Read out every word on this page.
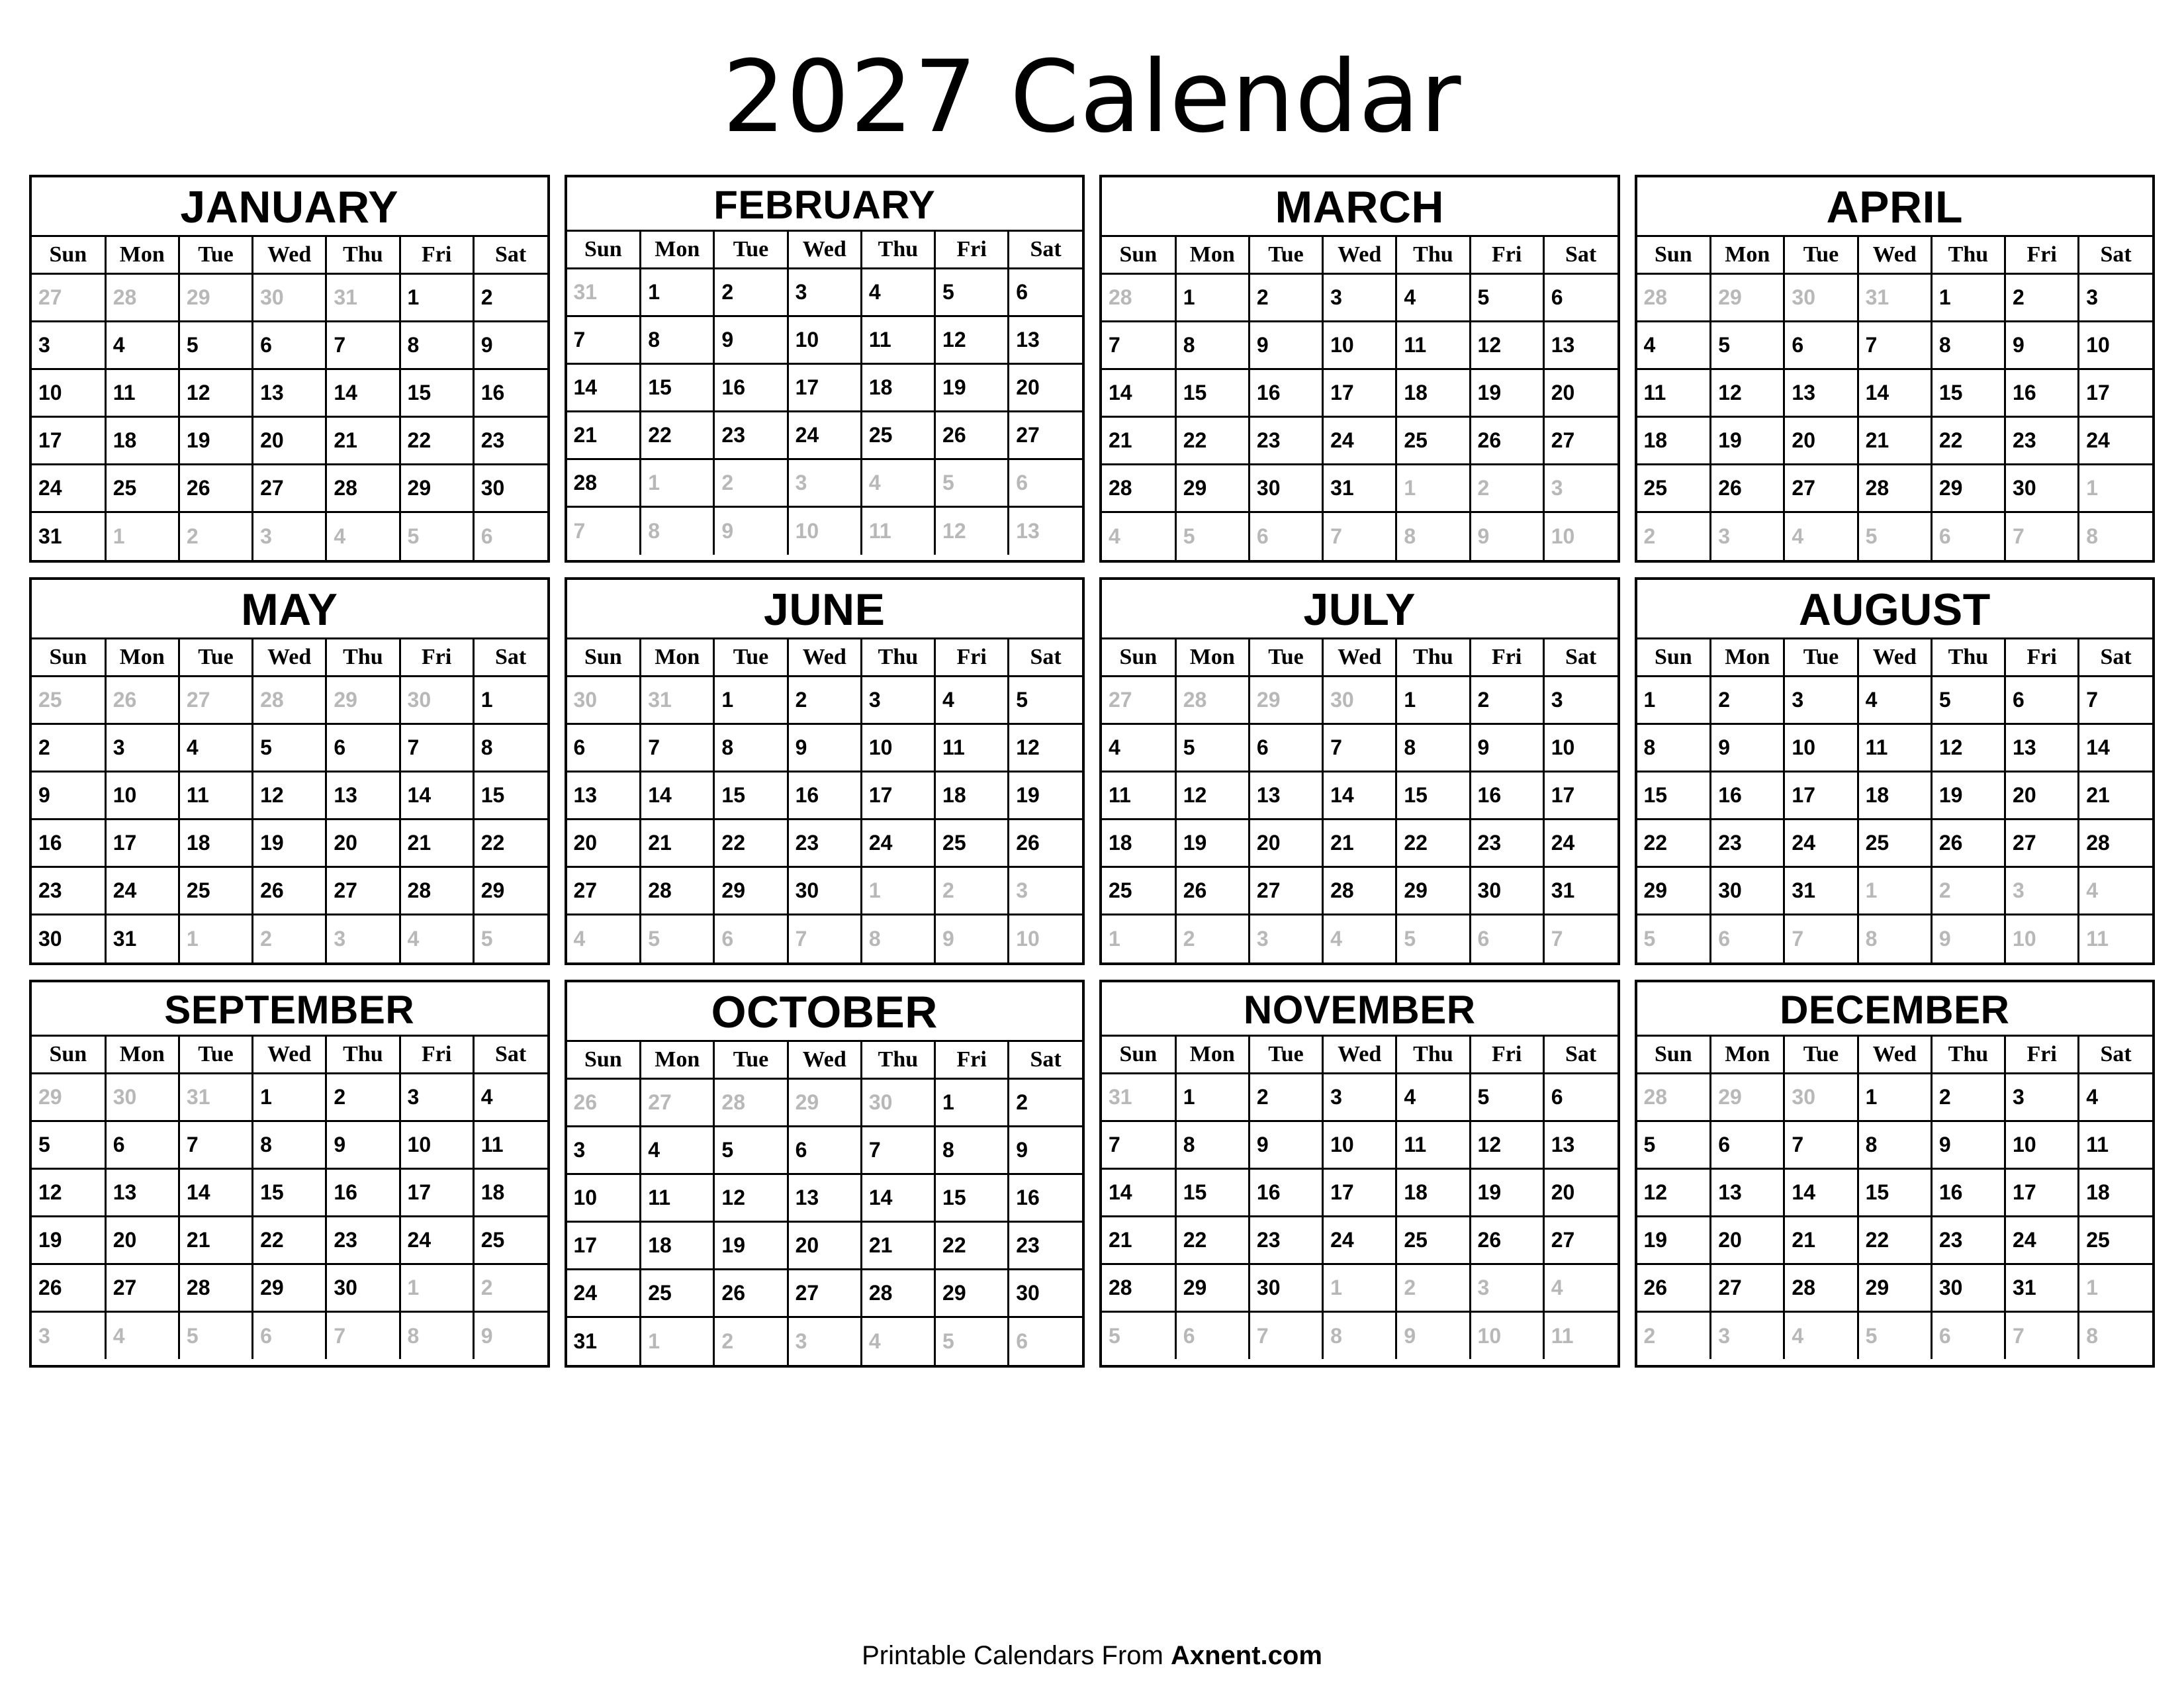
2027 Calendar
JANUARY
Sun	Mon	Tue	Wed	Thu	Fri	Sat
27	28	29	30	31	1	2
3	4	5	6	7	8	9
10	11	12	13	14	15	16
17	18	19	20	21	22	23
24	25	26	27	28	29	30
31	1	2	3	4	5	6
FEBRUARY
Sun	Mon	Tue	Wed	Thu	Fri	Sat
31	1	2	3	4	5	6
7	8	9	10	11	12	13
14	15	16	17	18	19	20
21	22	23	24	25	26	27
28	1	2	3	4	5	6
7	8	9	10	11	12	13
MARCH
Sun	Mon	Tue	Wed	Thu	Fri	Sat
28	1	2	3	4	5	6
7	8	9	10	11	12	13
14	15	16	17	18	19	20
21	22	23	24	25	26	27
28	29	30	31	1	2	3
4	5	6	7	8	9	10
APRIL
Sun	Mon	Tue	Wed	Thu	Fri	Sat
28	29	30	31	1	2	3
4	5	6	7	8	9	10
11	12	13	14	15	16	17
18	19	20	21	22	23	24
25	26	27	28	29	30	1
2	3	4	5	6	7	8
MAY
Sun	Mon	Tue	Wed	Thu	Fri	Sat
25	26	27	28	29	30	1
2	3	4	5	6	7	8
9	10	11	12	13	14	15
16	17	18	19	20	21	22
23	24	25	26	27	28	29
30	31	1	2	3	4	5
JUNE
Sun	Mon	Tue	Wed	Thu	Fri	Sat
30	31	1	2	3	4	5
6	7	8	9	10	11	12
13	14	15	16	17	18	19
20	21	22	23	24	25	26
27	28	29	30	1	2	3
4	5	6	7	8	9	10
JULY
Sun	Mon	Tue	Wed	Thu	Fri	Sat
27	28	29	30	1	2	3
4	5	6	7	8	9	10
11	12	13	14	15	16	17
18	19	20	21	22	23	24
25	26	27	28	29	30	31
1	2	3	4	5	6	7
AUGUST
Sun	Mon	Tue	Wed	Thu	Fri	Sat
1	2	3	4	5	6	7
8	9	10	11	12	13	14
15	16	17	18	19	20	21
22	23	24	25	26	27	28
29	30	31	1	2	3	4
5	6	7	8	9	10	11
SEPTEMBER
Sun	Mon	Tue	Wed	Thu	Fri	Sat
29	30	31	1	2	3	4
5	6	7	8	9	10	11
12	13	14	15	16	17	18
19	20	21	22	23	24	25
26	27	28	29	30	1	2
3	4	5	6	7	8	9
OCTOBER
Sun	Mon	Tue	Wed	Thu	Fri	Sat
26	27	28	29	30	1	2
3	4	5	6	7	8	9
10	11	12	13	14	15	16
17	18	19	20	21	22	23
24	25	26	27	28	29	30
31	1	2	3	4	5	6
NOVEMBER
Sun	Mon	Tue	Wed	Thu	Fri	Sat
31	1	2	3	4	5	6
7	8	9	10	11	12	13
14	15	16	17	18	19	20
21	22	23	24	25	26	27
28	29	30	1	2	3	4
5	6	7	8	9	10	11
DECEMBER
Sun	Mon	Tue	Wed	Thu	Fri	Sat
28	29	30	1	2	3	4
5	6	7	8	9	10	11
12	13	14	15	16	17	18
19	20	21	22	23	24	25
26	27	28	29	30	31	1
2	3	4	5	6	7	8
Printable Calendars From Axnent.com
